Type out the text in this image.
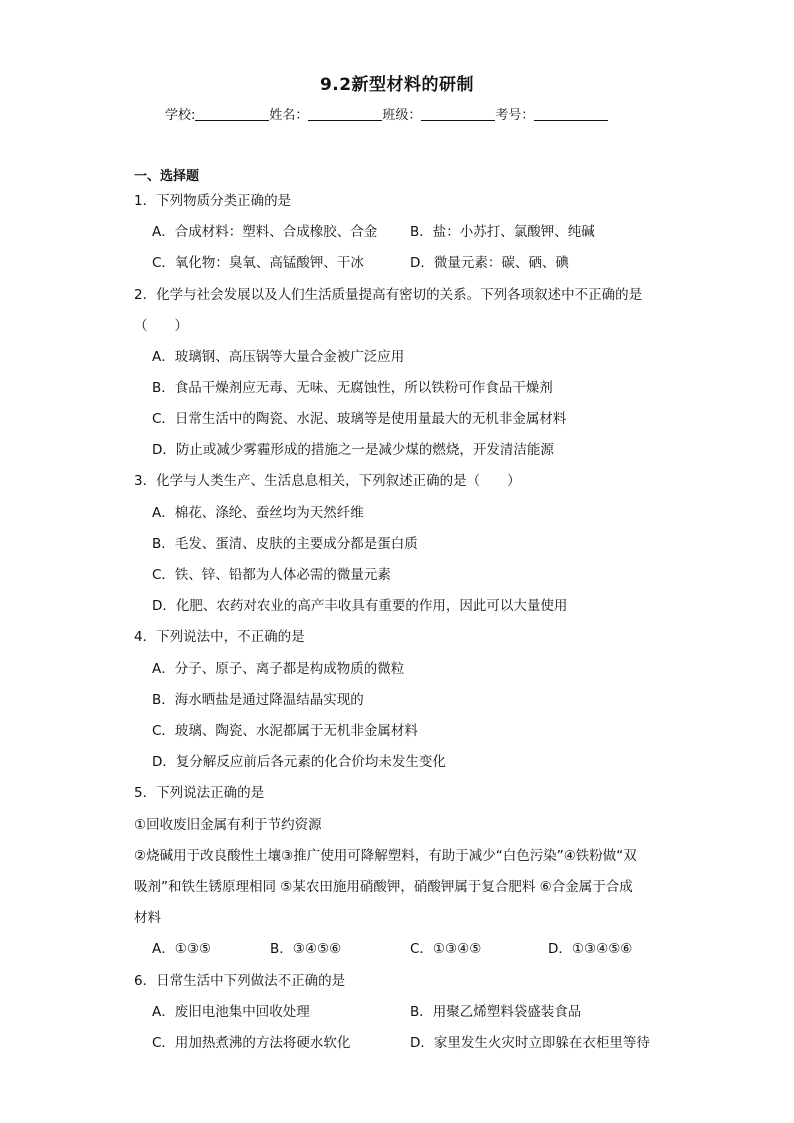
9.2新型材料的研制
学校:	姓名：	班级：	考号：
一、选择题
1．下列物质分类正确的是
A．合成材料：塑料、合成橡胶、合金 B．盐：小苏打、氯酸钾、纯碱
C．氧化物：臭氧、高锰酸钾、干冰	D．微量元素：碳、硒、碘
2．化学与社会发展以及人们生活质量提高有密切的关系。下列各项叙述中不正确的是
（　　）
A．玻璃钢、高压锅等大量合金被广泛应用
B．食品干燥剂应无毒、无味、无腐蚀性，所以铁粉可作食品干燥剂
C．日常生活中的陶瓷、水泥、玻璃等是使用量最大的无机非金属材料
D．防止或减少雾霾形成的措施之一是减少煤的燃烧，开发清洁能源
3．化学与人类生产、生活息息相关，下列叙述正确的是（　　）
A．棉花、涤纶、蚕丝均为天然纤维
B．毛发、蛋清、皮肤的主要成分都是蛋白质
C．铁、锌、铅都为人体必需的微量元素
D．化肥、农药对农业的高产丰收具有重要的作用，因此可以大量使用
4．下列说法中，不正确的是
A．分子、原子、离子都是构成物质的微粒
B．海水晒盐是通过降温结晶实现的
C．玻璃、陶瓷、水泥都属于无机非金属材料
D．复分解反应前后各元素的化合价均未发生变化
5．下列说法正确的是
①回收废旧金属有利于节约资源
②烧碱用于改良酸性土壤③推广使用可降解塑料，有助于减少“白色污染”④铁粉做“双
吸剂”和铁生锈原理相同 ⑤某农田施用硝酸钾，硝酸钾属于复合肥料 ⑥合金属于合成
材料
A．①③⑤	B．③④⑤⑥	C．①③④⑤	D．①③④⑤⑥
6．日常生活中下列做法不正确的是
A．废旧电池集中回收处理	B．用聚乙烯塑料袋盛装食品
C．用加热煮沸的方法将硬水软化	D．家里发生火灾时立即躲在衣柜里等待
